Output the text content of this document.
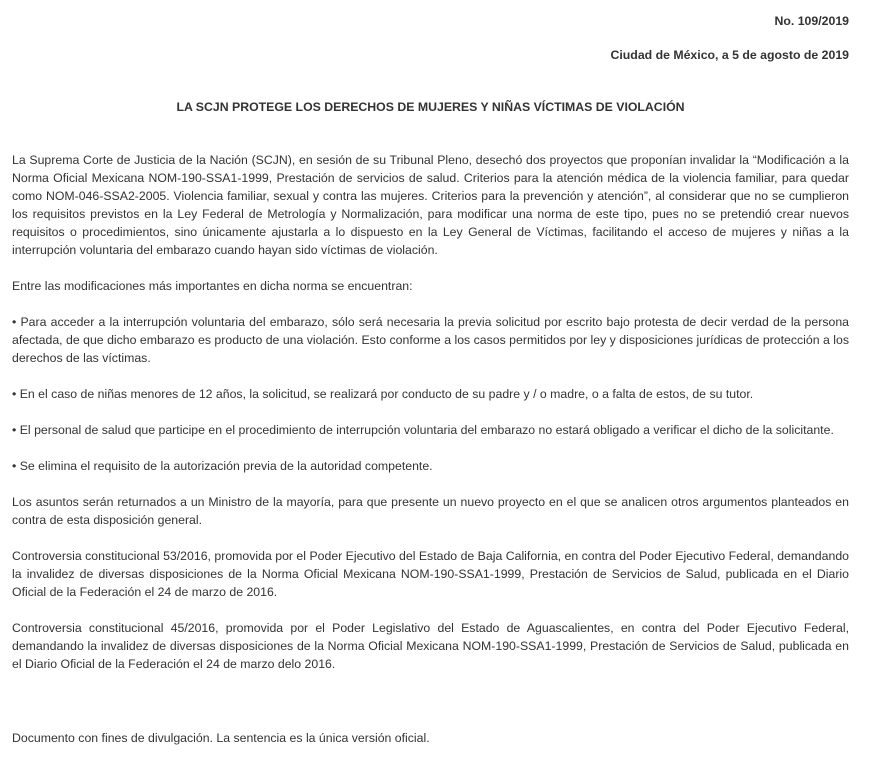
No. 109/2019
Ciudad de México, a 5 de agosto de 2019
LA SCJN PROTEGE LOS DERECHOS DE MUJERES Y NIÑAS VÍCTIMAS DE VIOLACIÓN

La Suprema Corte de Justicia de la Nación (SCJN), en sesión de su Tribunal Pleno, desechó dos proyectos que proponían invalidar la “Modificación a la Norma Oficial Mexicana NOM-190-SSA1-1999, Prestación de servicios de salud. Criterios para la atención médica de la violencia familiar, para quedar como NOM-046-SSA2-2005. Violencia familiar, sexual y contra las mujeres. Criterios para la prevención y atención”, al considerar que no se cumplieron los requisitos previstos en la Ley Federal de Metrología y Normalización, para modificar una norma de este tipo, pues no se pretendió crear nuevos requisitos o procedimientos, sino únicamente ajustarla a lo dispuesto en la Ley General de Víctimas, facilitando el acceso de mujeres y niñas a la interrupción voluntaria del embarazo cuando hayan sido víctimas de violación.

Entre las modificaciones más importantes en dicha norma se encuentran:

• Para acceder a la interrupción voluntaria del embarazo, sólo será necesaria la previa solicitud por escrito bajo protesta de decir verdad de la persona afectada, de que dicho embarazo es producto de una violación. Esto conforme a los casos permitidos por ley y disposiciones jurídicas de protección a los derechos de las víctimas.

• En el caso de niñas menores de 12 años, la solicitud, se realizará por conducto de su padre y / o madre, o a falta de estos, de su tutor.

• El personal de salud que participe en el procedimiento de interrupción voluntaria del embarazo no estará obligado a verificar el dicho de la solicitante.

• Se elimina el requisito de la autorización previa de la autoridad competente.

Los asuntos serán returnados a un Ministro de la mayoría, para que presente un nuevo proyecto en el que se analicen otros argumentos planteados en contra de esta disposición general.

Controversia constitucional 53/2016, promovida por el Poder Ejecutivo del Estado de Baja California, en contra del Poder Ejecutivo Federal, demandando la invalidez de diversas disposiciones de la Norma Oficial Mexicana NOM-190-SSA1-1999, Prestación de Servicios de Salud, publicada en el Diario Oficial de la Federación el 24 de marzo de 2016.

Controversia constitucional 45/2016, promovida por el Poder Legislativo del Estado de Aguascalientes, en contra del Poder Ejecutivo Federal, demandando la invalidez de diversas disposiciones de la Norma Oficial Mexicana NOM-190-SSA1-1999, Prestación de Servicios de Salud, publicada en el Diario Oficial de la Federación el 24 de marzo delo 2016.

Documento con fines de divulgación. La sentencia es la única versión oficial.
